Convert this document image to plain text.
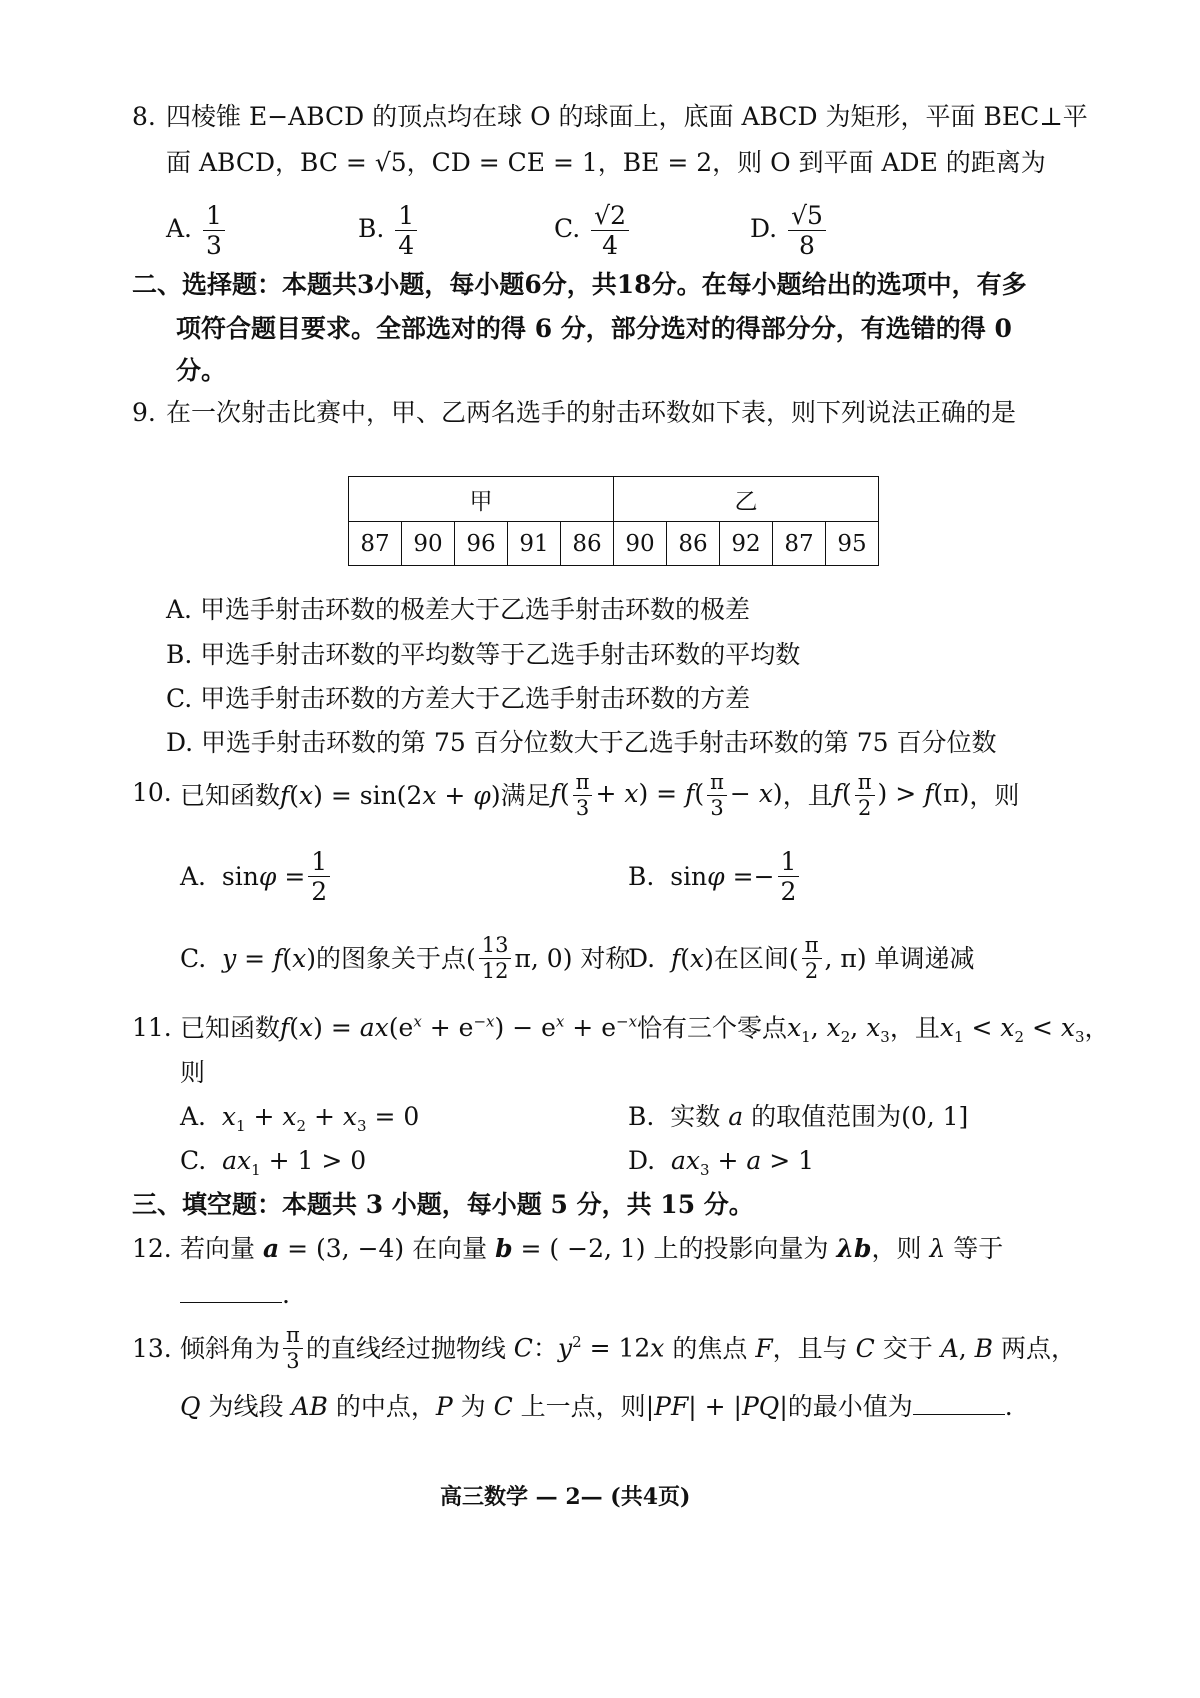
8. 四棱锥 E−ABCD 的顶点均在球 O 的球面上，底面 ABCD 为矩形，平面 BEC⊥平
面 ABCD，BC = √5，CD = CE = 1，BE = 2，则 O 到平面 ADE 的距离为
A. $\frac{1}{3}$	B. $\frac{1}{4}$	C. $\frac{√2}{4}$	D. $\frac{√5}{8}$
二、选择题：本题共3小题，每小题6分，共18分。在每小题给出的选项中，有多
项符合题目要求。全部选对的得 6 分，部分选对的得部分分，有选错的得 0
分。
9. 在一次射击比赛中，甲、乙两名选手的射击环数如下表，则下列说法正确的是
甲					乙				
87	90	96	91	86	90	86	92	87	95
A. 甲选手射击环数的极差大于乙选手射击环数的极差
B. 甲选手射击环数的平均数等于乙选手射击环数的平均数
C. 甲选手射击环数的方差大于乙选手射击环数的方差
D. 甲选手射击环数的第 75 百分位数大于乙选手射击环数的第 75 百分位数
10. 已知函数 f(x) = sin(2x + φ) 满足 $f( \frac{\pi}{3} + x) = f( \frac{\pi}{3} - x)$ ，且 $f( \frac{\pi}{2}$ ) > f(π) ，则
A.
$\sin\varphi = \frac{1}{2}$	B.
$\sin\varphi =- \frac{1}{2}$
C.
y = f(x) 的图象关于点( $\frac{13}{12} \pi$, 0 ) 对称
D.
f(x) 在区间( $\frac{\pi}{2}$ , π ) 单调递减
11. 已知函数$f(x) = ax(e^x + e^{-x}) - e^x + e^{-x}$恰有三个零点$x_1$, $x_2$, $x_3$，且$x_1 < x_2 < x_3$，
则
A. $x_1 + x_2 + x_3 = 0$	B. 实数 a 的取值范围为(0, 1]
C. $ax_1 + 1 > 0$	D. $ax_3 + a > 1$
三、填空题：本题共 3 小题，每小题 5 分，共 15 分。
12. 若向量 a = (3, −4) 在向量 b = ( −2, 1) 上的投影向量为 λb，则 λ 等于
.
13. 倾斜角为 $\frac{\pi}{3}$ 的直线经过抛物线
C：$y^2 = 12x$
的焦点
F ，且与
C
交于
A, B
两点，
Q 为线段 AB 的中点，P 为 C 上一点，则|PF| + |PQ|的最小值为	.
高三数学 — 2— (共4页)
